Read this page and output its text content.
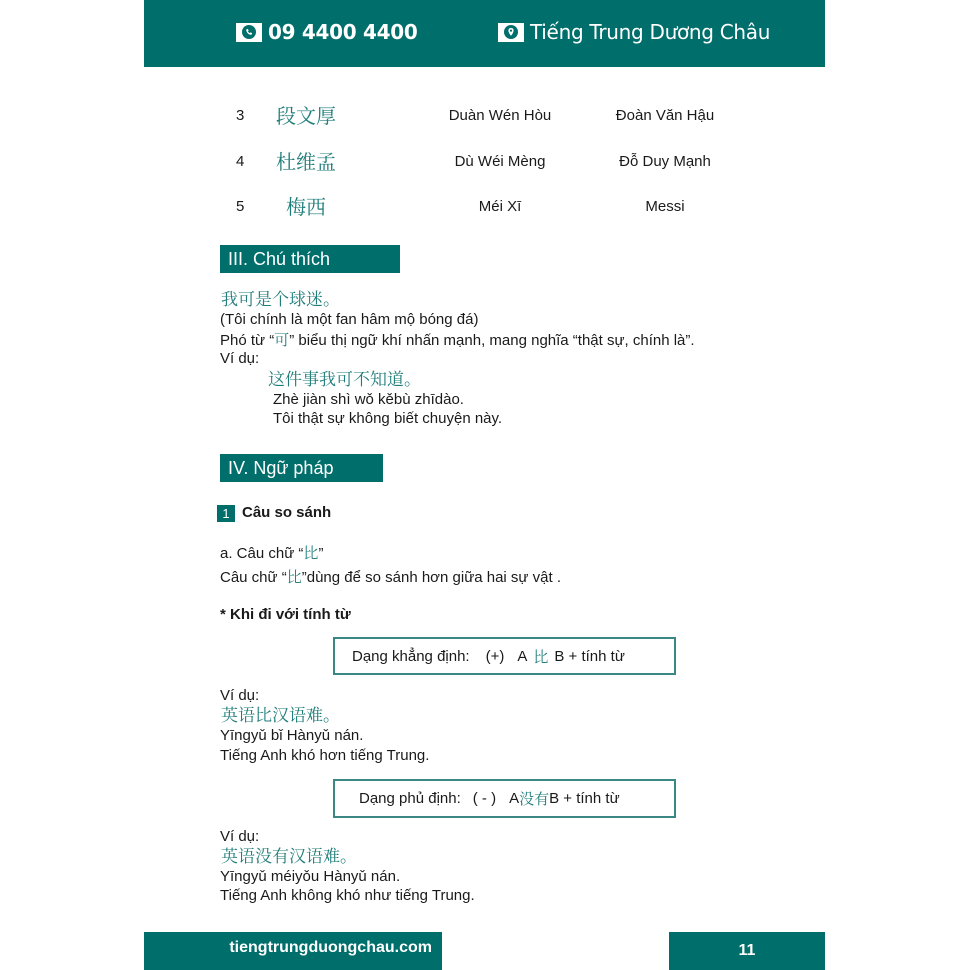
09 4400 4400	Tiếng Trung Dương Châu
3 段文厚	Duàn Wén Hòu	Đoàn Văn Hậu
4 杜维孟	Dù Wéi Mèng	Đỗ Duy Mạnh
5 梅西	Méi Xī	Messi
III. Chú thích
我可是个球迷。
(Tôi chính là một fan hâm mộ bóng đá)
Phó từ “可” biểu thị ngữ khí nhấn mạnh, mang nghĩa “thật sự, chính là”.
Ví dụ:
这件事我可不知道。
Zhè jiàn shì wǒ kěbù zhīdào.
Tôi thật sự không biết chuyện này.
IV. Ngữ pháp
1 Câu so sánh
a. Câu chữ “比”
Câu chữ “比”dùng để so sánh hơn giữa hai sự vật .
* Khi đi với tính từ
Dạng khẳng định: (+) A 比 B + tính từ
Ví dụ:
英语比汉语难。
Yīngyǔ bǐ Hànyǔ nán.
Tiếng Anh khó hơn tiếng Trung.
Dạng phủ định: ( - ) A 没有 B + tính từ
Ví dụ:
英语没有汉语难。
Yīngyǔ méiyǒu Hànyǔ nán.
Tiếng Anh không khó như tiếng Trung.
tiengtrungduongchau.com	11
